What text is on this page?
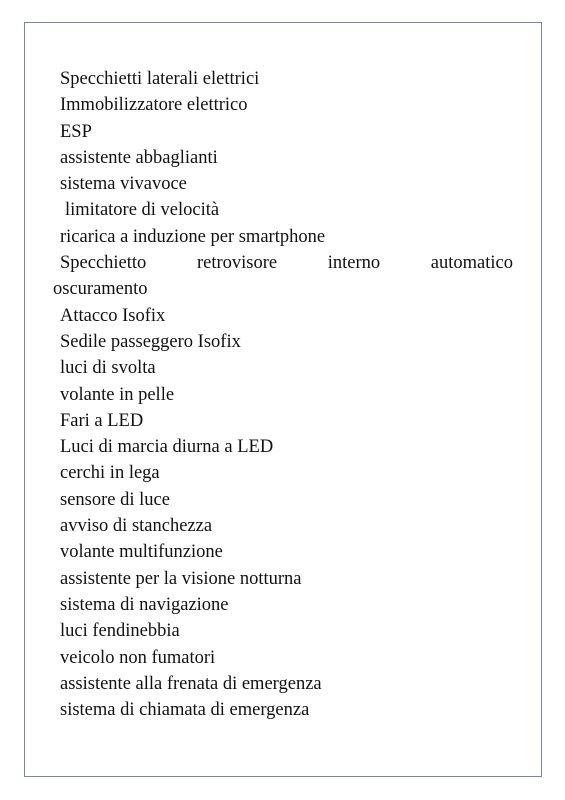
Specchietti laterali elettrici
Immobilizzatore elettrico
ESP
assistente abbaglianti
sistema vivavoce
limitatore di velocità
ricarica a induzione per smartphone
Specchietto retrovisore interno automatico
oscuramento
Attacco Isofix
Sedile passeggero Isofix
luci di svolta
volante in pelle
Fari a LED
Luci di marcia diurna a LED
cerchi in lega
sensore di luce
avviso di stanchezza
volante multifunzione
assistente per la visione notturna
sistema di navigazione
luci fendinebbia
veicolo non fumatori
assistente alla frenata di emergenza
sistema di chiamata di emergenza
